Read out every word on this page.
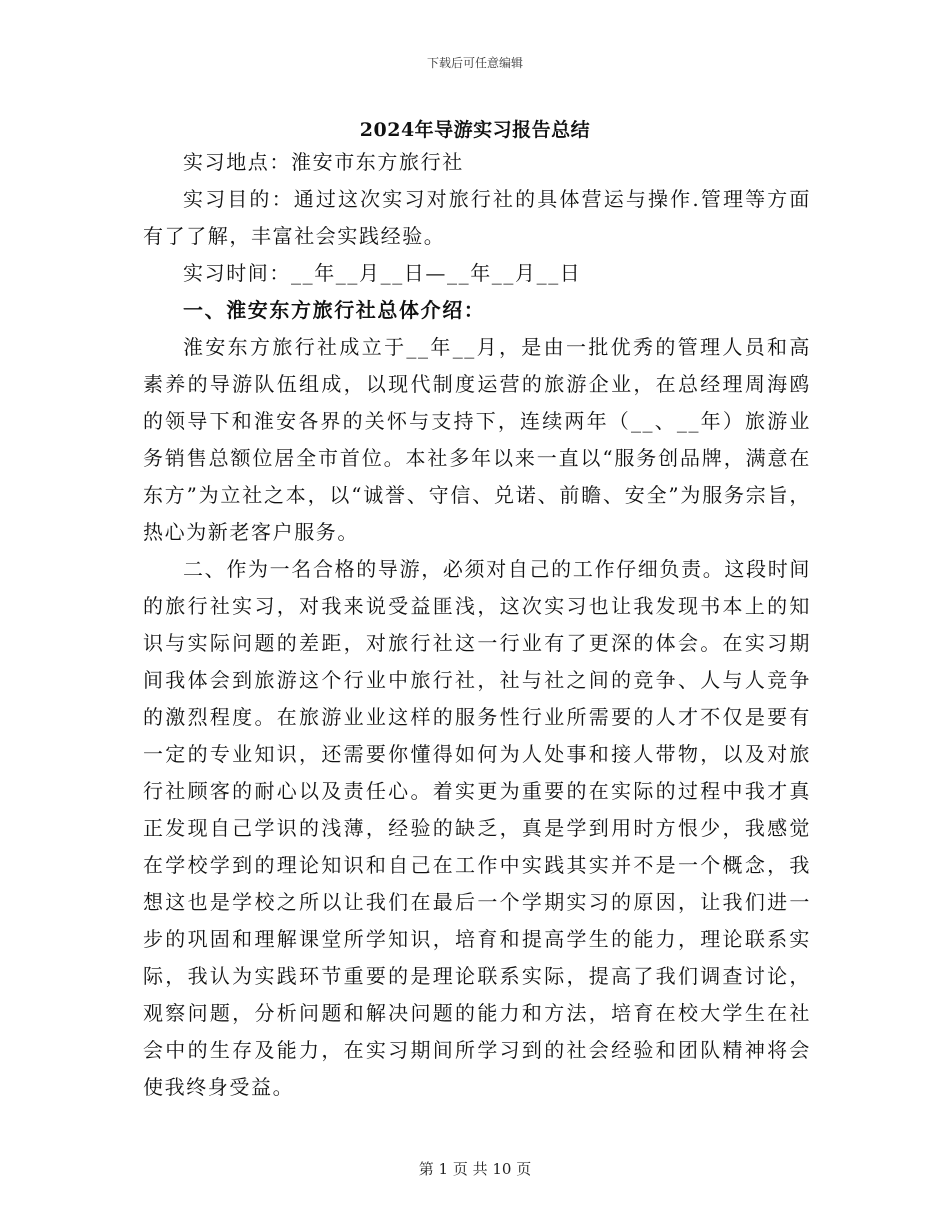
下载后可任意编辑
2024年导游实习报告总结

实习地点：淮安市东方旅行社

实习目的：通过这次实习对旅行社的具体营运与操作.管理等方面有了了解，丰富社会实践经验。

实习时间：__年__月__日—__年__月__日

一、淮安东方旅行社总体介绍：

淮安东方旅行社成立于__年__月，是由一批优秀的管理人员和高素养的导游队伍组成，以现代制度运营的旅游企业，在总经理周海鸥的领导下和淮安各界的关怀与支持下，连续两年（__、__年）旅游业务销售总额位居全市首位。本社多年以来一直以“服务创品牌，满意在东方”为立社之本，以“诚誉、守信、兑诺、前瞻、安全”为服务宗旨，热心为新老客户服务。

二、作为一名合格的导游，必须对自己的工作仔细负责。这段时间的旅行社实习，对我来说受益匪浅，这次实习也让我发现书本上的知识与实际问题的差距，对旅行社这一行业有了更深的体会。在实习期间我体会到旅游这个行业中旅行社，社与社之间的竞争、人与人竞争的激烈程度。在旅游业业这样的服务性行业所需要的人才不仅是要有一定的专业知识，还需要你懂得如何为人处事和接人带物，以及对旅行社顾客的耐心以及责任心。着实更为重要的在实际的过程中我才真正发现自己学识的浅薄，经验的缺乏，真是学到用时方恨少，我感觉在学校学到的理论知识和自己在工作中实践其实并不是一个概念，我想这也是学校之所以让我们在最后一个学期实习的原因，让我们进一步的巩固和理解课堂所学知识，培育和提高学生的能力，理论联系实际，我认为实践环节重要的是理论联系实际，提高了我们调查讨论，观察问题，分析问题和解决问题的能力和方法，培育在校大学生在社会中的生存及能力，在实习期间所学习到的社会经验和团队精神将会使我终身受益。

第 1 页 共 10 页
